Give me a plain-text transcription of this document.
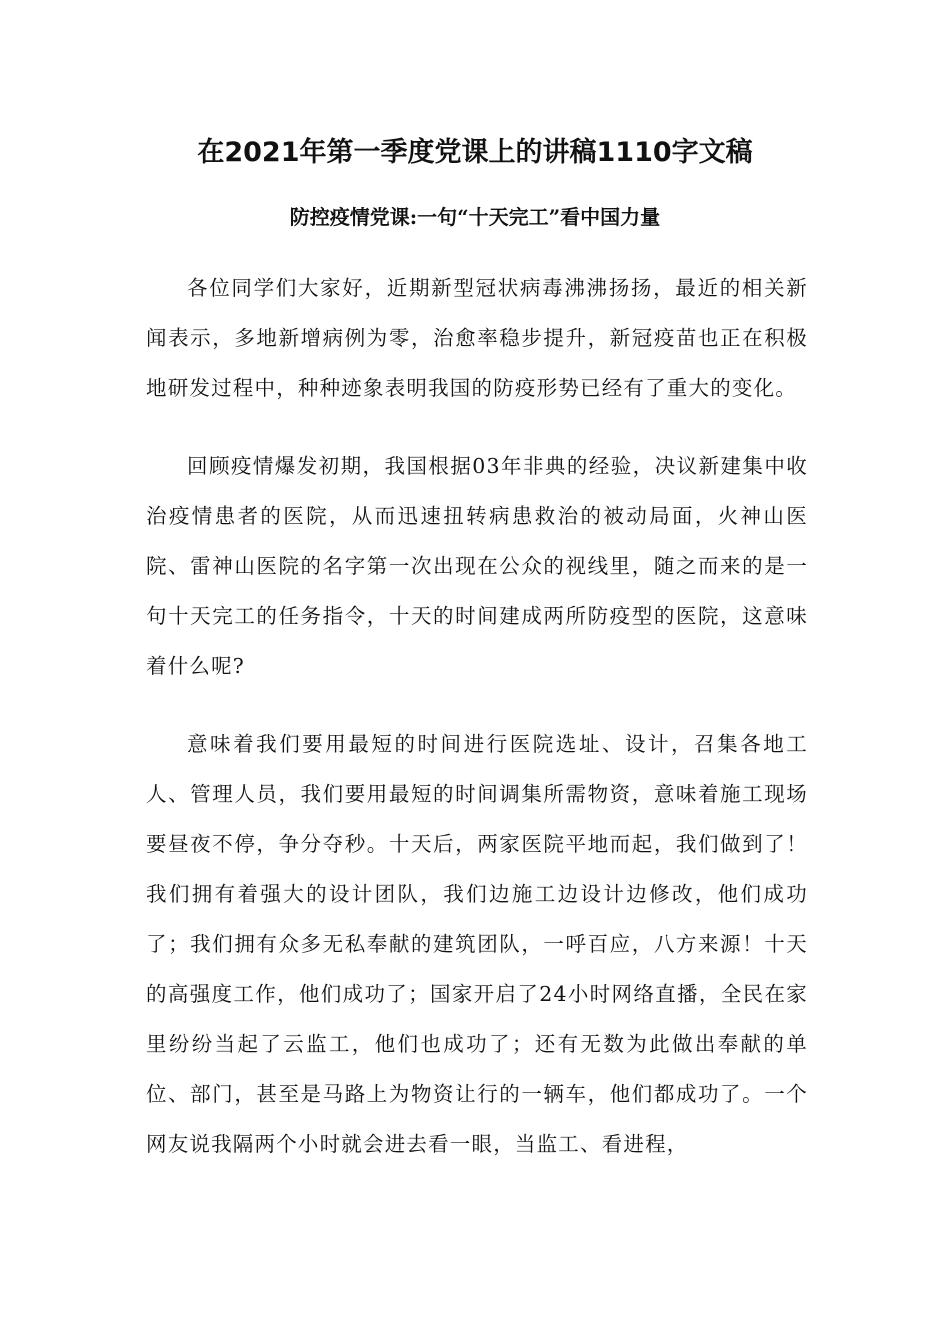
在2021年第一季度党课上的讲稿1110字文稿
防控疫情党课:一句“十天完工”看中国力量

各位同学们大家好，近期新型冠状病毒沸沸扬扬，最近的相关新闻表示，多地新增病例为零，治愈率稳步提升，新冠疫苗也正在积极地研发过程中，种种迹象表明我国的防疫形势已经有了重大的变化。

回顾疫情爆发初期，我国根据03年非典的经验，决议新建集中收治疫情患者的医院，从而迅速扭转病患救治的被动局面，火神山医院、雷神山医院的名字第一次出现在公众的视线里，随之而来的是一句十天完工的任务指令，十天的时间建成两所防疫型的医院，这意味着什么呢?

意味着我们要用最短的时间进行医院选址、设计，召集各地工人、管理人员，我们要用最短的时间调集所需物资，意味着施工现场要昼夜不停，争分夺秒。十天后，两家医院平地而起，我们做到了！我们拥有着强大的设计团队，我们边施工边设计边修改，他们成功了；我们拥有众多无私奉献的建筑团队，一呼百应，八方来源！十天的高强度工作，他们成功了；国家开启了24小时网络直播，全民在家里纷纷当起了云监工，他们也成功了；还有无数为此做出奉献的单位、部门，甚至是马路上为物资让行的一辆车，他们都成功了。一个网友说我隔两个小时就会进去看一眼，当监工、看进程，
